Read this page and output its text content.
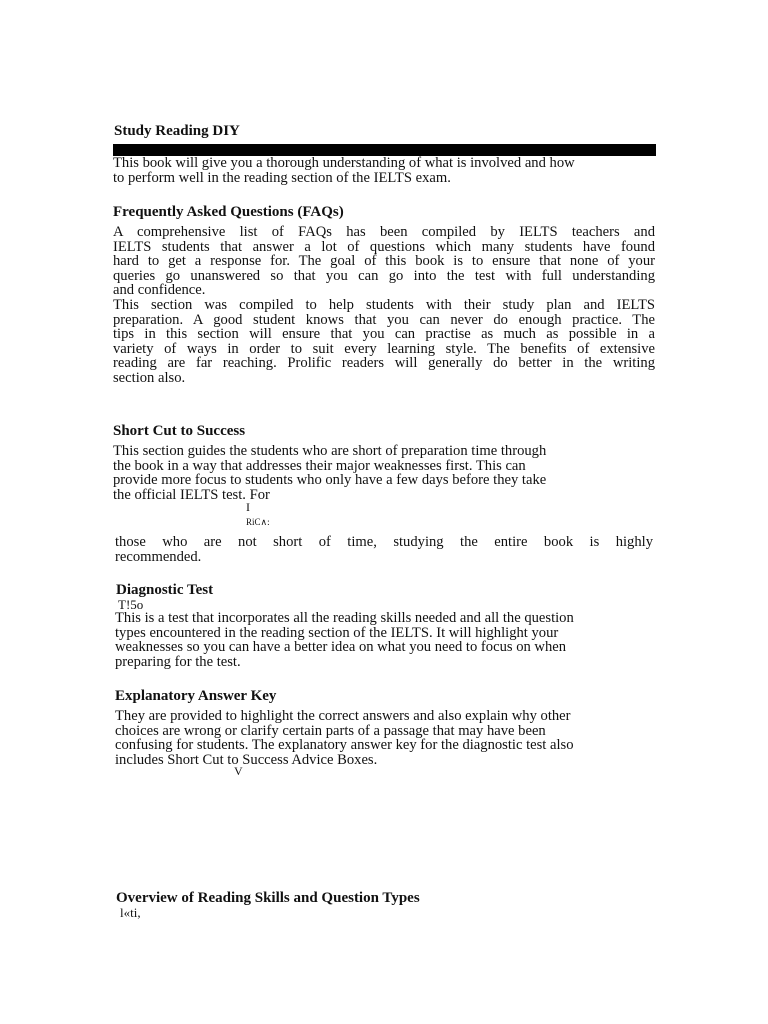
Study Reading DIY
This book will give you a thorough understanding of what is involved and how
to perform well in the reading section of the IELTS exam.
Frequently Asked Questions (FAQs)
A comprehensive list of FAQs has been compiled by IELTS teachers and
IELTS students that answer a lot of questions which many students have found
hard to get a response for. The goal of this book is to ensure that none of your
queries go unanswered so that you can go into the test with full understanding
and confidence.
This section was compiled to help students with their study plan and IELTS
preparation. A good student knows that you can never do enough practice. The
tips in this section will ensure that you can practise as much as possible in a
variety of ways in order to suit every learning style. The benefits of extensive
reading are far reaching. Prolific readers will generally do better in the writing
section also.
Short Cut to Success
This section guides the students who are short of preparation time through
the book in a way that addresses their major weaknesses first. This can
provide more focus to students who only have a few days before they take
the official IELTS test. For
I
RiC∧:
those who are not short of time, studying the entire book is highly
recommended.
Diagnostic Test
T!5o
This is a test that incorporates all the reading skills needed and all the question
types encountered in the reading section of the IELTS. It will highlight your
weaknesses so you can have a better idea on what you need to focus on when
preparing for the test.
Explanatory Answer Key
They are provided to highlight the correct answers and also explain why other
choices are wrong or clarify certain parts of a passage that may have been
confusing for students. The explanatory answer key for the diagnostic test also
includes Short Cut to Success Advice Boxes.
V
Overview of Reading Skills and Question Types
l«ti,
